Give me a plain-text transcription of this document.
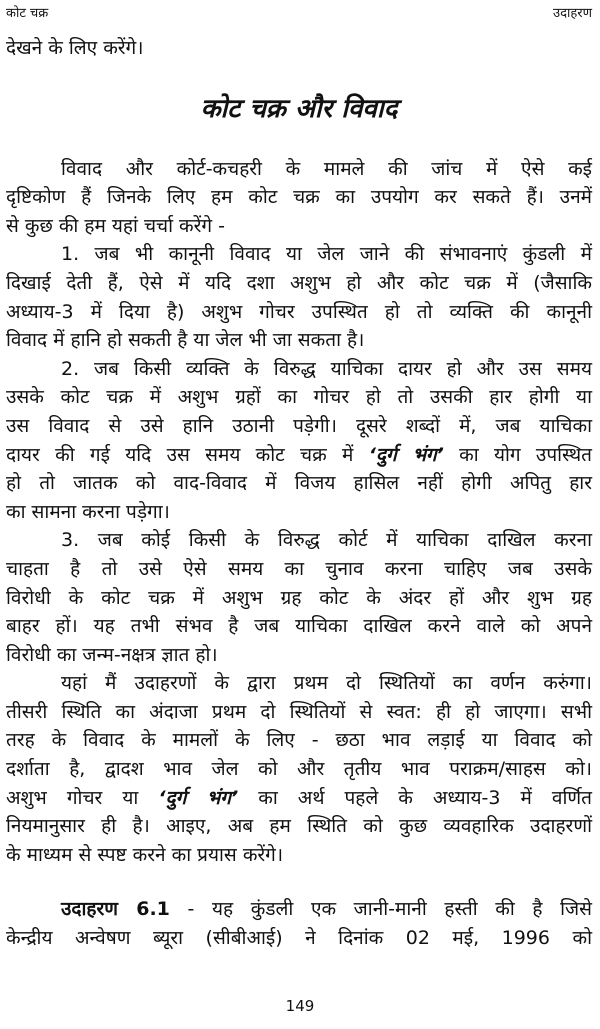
कोट चक्र	उदाहरण
देखने के लिए करेंगे।
कोट चक्र और विवाद
विवाद और कोर्ट-कचहरी के मामले की जांच में ऐसे कई
दृष्टिकोण हैं जिनके लिए हम कोट चक्र का उपयोग कर सकते हैं। उनमें
से कुछ की हम यहां चर्चा करेंगे -
1. जब भी कानूनी विवाद या जेल जाने की संभावनाएं कुंडली में
दिखाई देती हैं, ऐसे में यदि दशा अशुभ हो और कोट चक्र में (जैसाकि
अध्याय-3 में दिया है) अशुभ गोचर उपस्थित हो तो व्यक्ति की कानूनी
विवाद में हानि हो सकती है या जेल भी जा सकता है।
2. जब किसी व्यक्ति के विरुद्ध याचिका दायर हो और उस समय
उसके कोट चक्र में अशुभ ग्रहों का गोचर हो तो उसकी हार होगी या
उस विवाद से उसे हानि उठानी पड़ेगी। दूसरे शब्दों में, जब याचिका
दायर की गई यदि उस समय कोट चक्र में ‘दुर्ग भंग’ का योग उपस्थित
हो तो जातक को वाद-विवाद में विजय हासिल नहीं होगी अपितु हार
का सामना करना पड़ेगा।
3. जब कोई किसी के विरुद्ध कोर्ट में याचिका दाखिल करना
चाहता है तो उसे ऐसे समय का चुनाव करना चाहिए जब उसके
विरोधी के कोट चक्र में अशुभ ग्रह कोट के अंदर हों और शुभ ग्रह
बाहर हों। यह तभी संभव है जब याचिका दाखिल करने वाले को अपने
विरोधी का जन्म-नक्षत्र ज्ञात हो।
यहां मैं उदाहरणों के द्वारा प्रथम दो स्थितियों का वर्णन करुंगा।
तीसरी स्थिति का अंदाजा प्रथम दो स्थितियों से स्वत: ही हो जाएगा। सभी
तरह के विवाद के मामलों के लिए - छठा भाव लड़ाई या विवाद को
दर्शाता है, द्वादश भाव जेल को और तृतीय भाव पराक्रम/साहस को।
अशुभ गोचर या ‘दुर्ग भंग’ का अर्थ पहले के अध्याय-3 में वर्णित
नियमानुसार ही है। आइए, अब हम स्थिति को कुछ व्यवहारिक उदाहरणों
के माध्यम से स्पष्ट करने का प्रयास करेंगे।
उदाहरण 6.1 - यह कुंडली एक जानी-मानी हस्ती की है जिसे
केन्द्रीय अन्वेषण ब्यूरा (सीबीआई) ने दिनांक 02 मई, 1996 को
149
